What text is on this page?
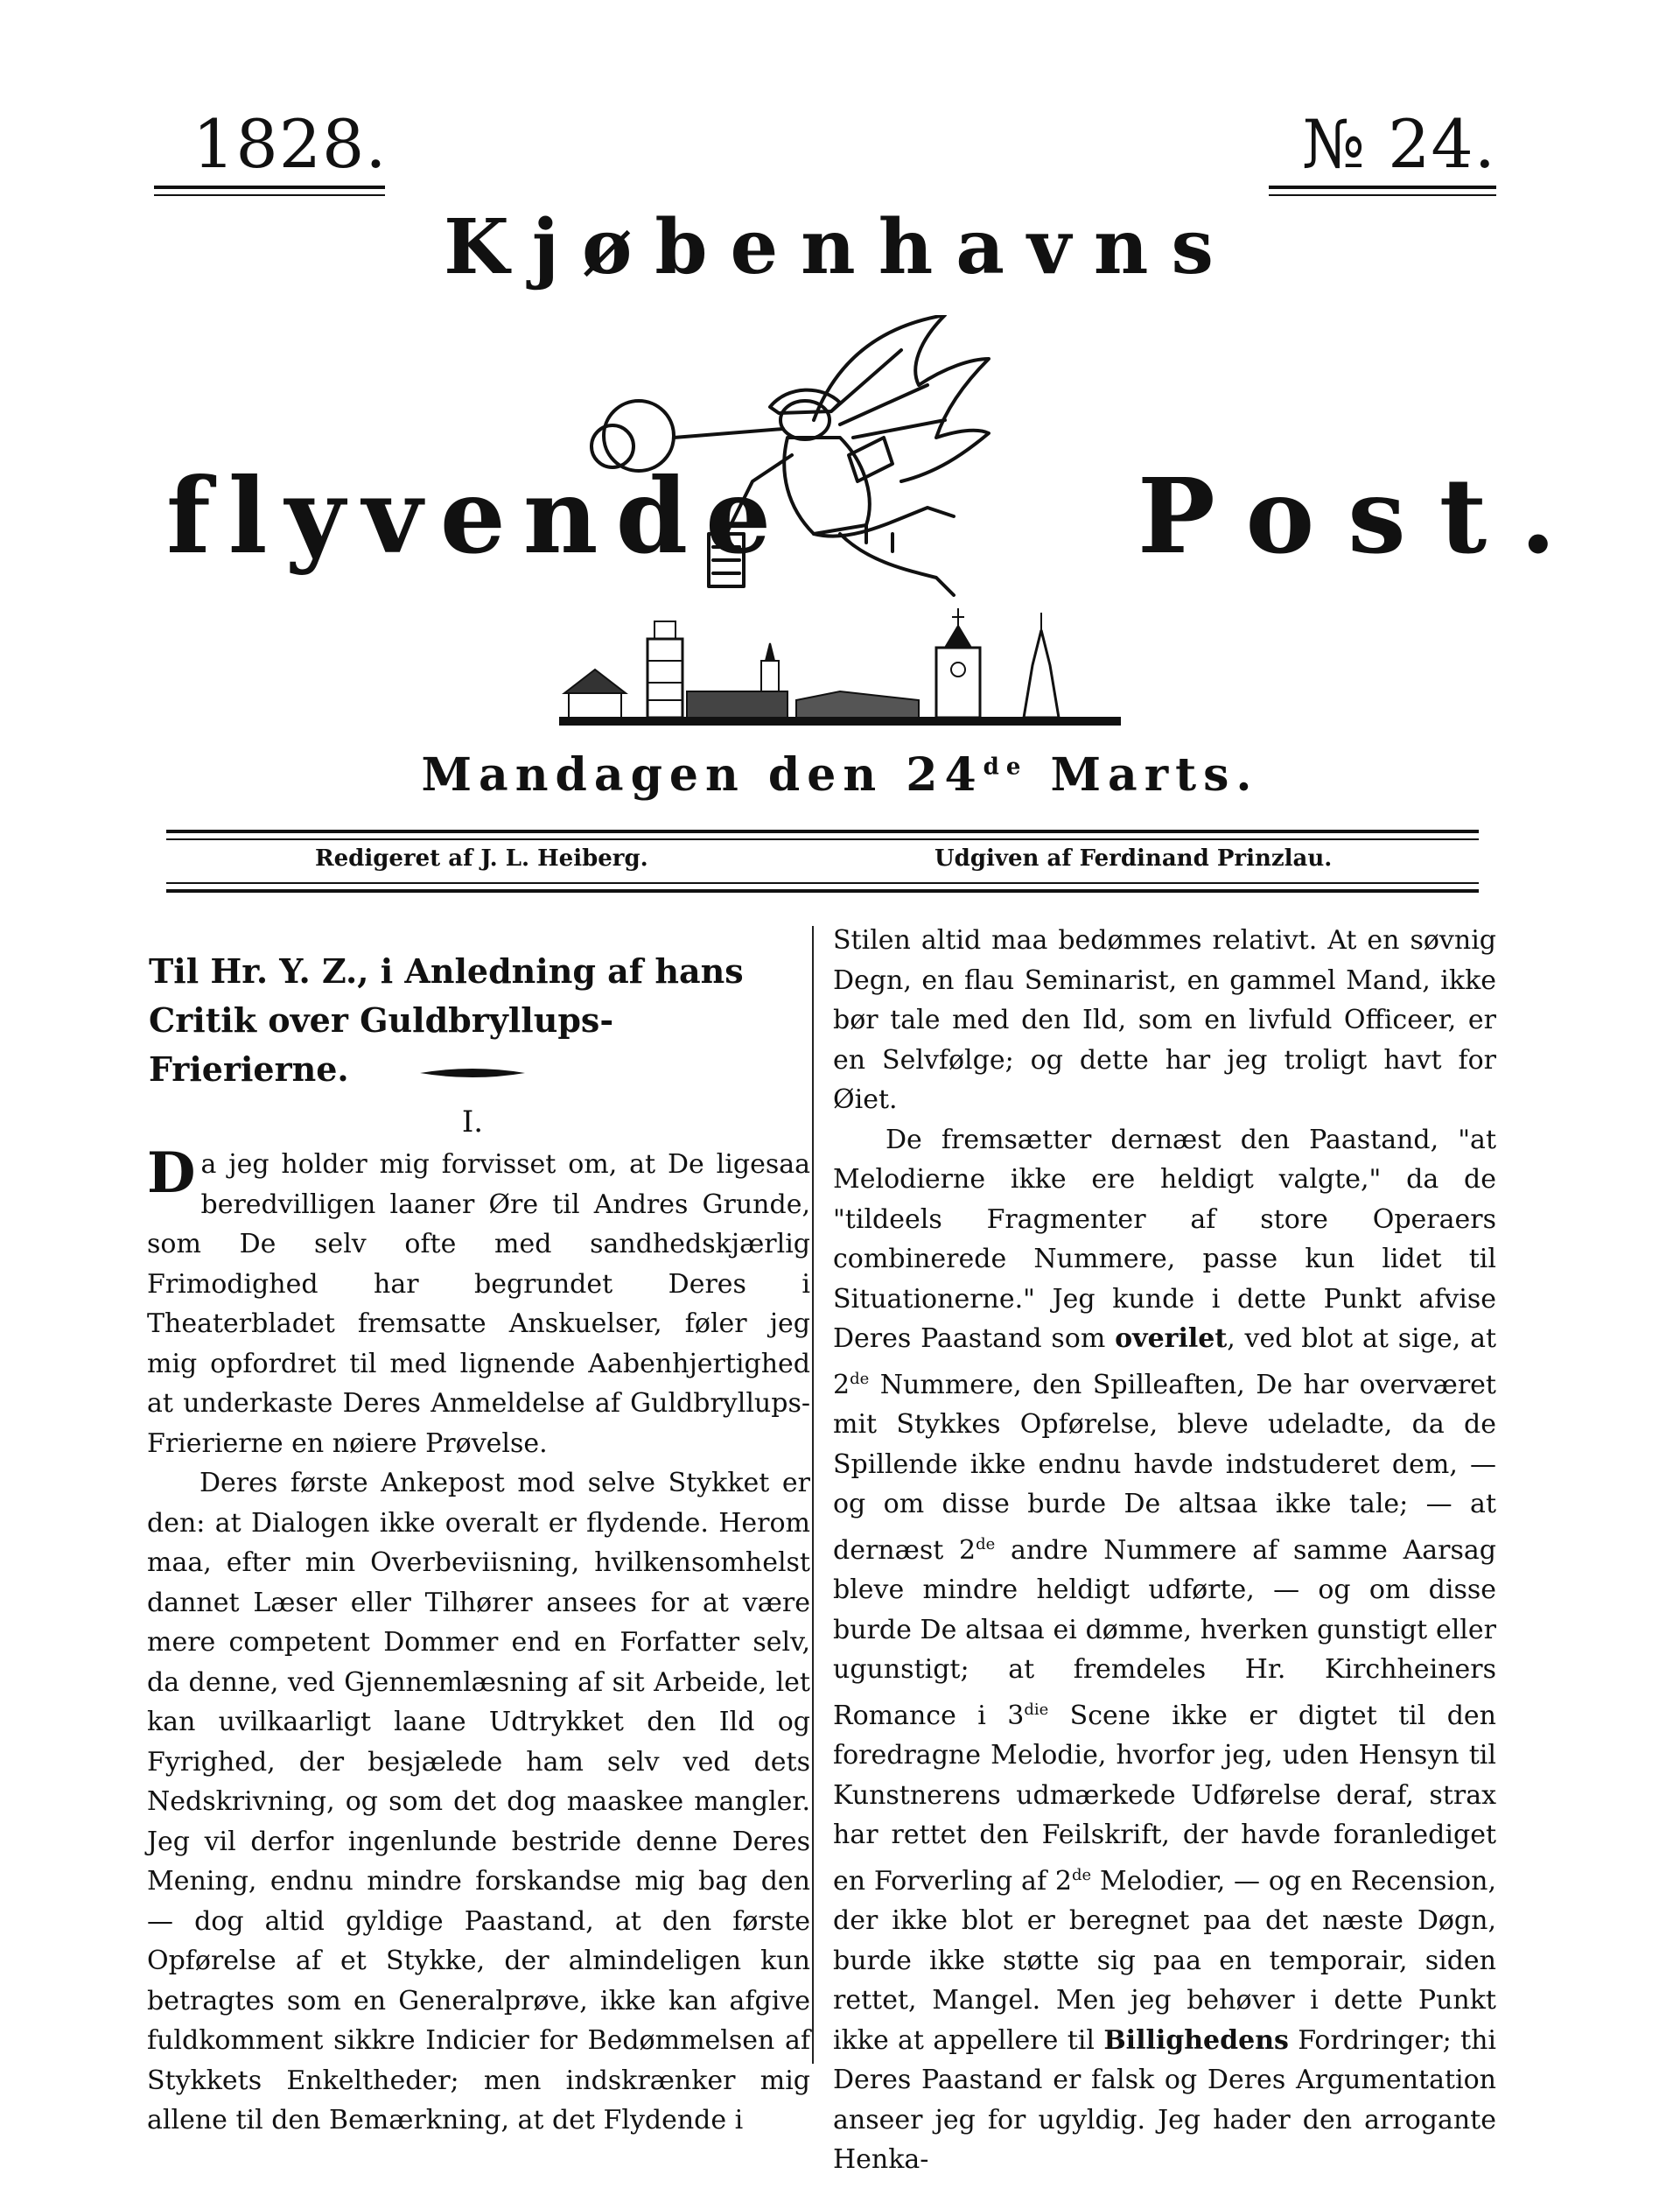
1828.	№ 24.
Kjøbenhavns
flyvende	Post.
Mandagen den 24de Marts.
Redigeret af J. L. Heiberg.	Udgiven af Ferdinand Prinzlau.
Til Hr. Y. Z., i Anledning af hans Critik over Guldbryllups-Frierierne.
I.

Da jeg holder mig forvisset om, at De ligesaa beredvilligen laaner Øre til Andres Grunde, som De selv ofte med sandhedskjærlig Frimodighed har begrundet Deres i Theaterbladet fremsatte Anskuelser, føler jeg mig opfordret til med lignende Aabenhjertighed at underkaste Deres Anmeldelse af Guldbryllups-Frierierne en nøiere Prøvelse.

Deres første Ankepost mod selve Stykket er den: at Dialogen ikke overalt er flydende. Herom maa, efter min Overbeviisning, hvilkensomhelst dannet Læser eller Tilhører ansees for at være mere competent Dommer end en Forfatter selv, da denne, ved Gjennemlæsning af sit Arbeide, let kan uvilkaarligt laane Udtrykket den Ild og Fyrighed, der besjælede ham selv ved dets Nedskrivning, og som det dog maaskee mangler. Jeg vil derfor ingenlunde bestride denne Deres Mening, endnu mindre forskandse mig bag den — dog altid gyldige Paastand, at den første Opførelse af et Stykke, der almindeligen kun betragtes som en Generalprøve, ikke kan afgive fuldkomment sikkre Indicier for Bedømmelsen af Stykkets Enkeltheder; men indskrænker mig allene til den Bemærkning, at det Flydende i

Stilen altid maa bedømmes relativt. At en søvnig Degn, en flau Seminarist, en gammel Mand, ikke bør tale med den Ild, som en livfuld Officeer, er en Selvfølge; og dette har jeg troligt havt for Øiet.

De fremsætter dernæst den Paastand, "at Melodierne ikke ere heldigt valgte," da de "tildeels Fragmenter af store Operaers combinerede Nummere, passe kun lidet til Situationerne." Jeg kunde i dette Punkt afvise Deres Paastand som overilet, ved blot at sige, at 2de Nummere, den Spilleaften, De har overværet mit Stykkes Opførelse, bleve udeladte, da de Spillende ikke endnu havde indstuderet dem, — og om disse burde De altsaa ikke tale; — at dernæst 2de andre Nummere af samme Aarsag bleve mindre heldigt udførte, — og om disse burde De altsaa ei dømme, hverken gunstigt eller ugunstigt; at fremdeles Hr. Kirchheiners Romance i $3^{die}$ Scene ikke er digtet til den foredragne Melodie, hvorfor jeg, uden Hensyn til Kunstnerens udmærkede Udførelse deraf, strax har rettet den Feilskrift, der havde foranlediget en Forverling af 2de Melodier, — og en Recension, der ikke blot er beregnet paa det næste Døgn, burde ikke støtte sig paa en temporair, siden rettet, Mangel. Men jeg behøver i dette Punkt ikke at appellere til Billighedens Fordringer; thi Deres Paastand er falsk og Deres Argumentation anseer jeg for ugyldig. Jeg hader den arrogante Henka-
